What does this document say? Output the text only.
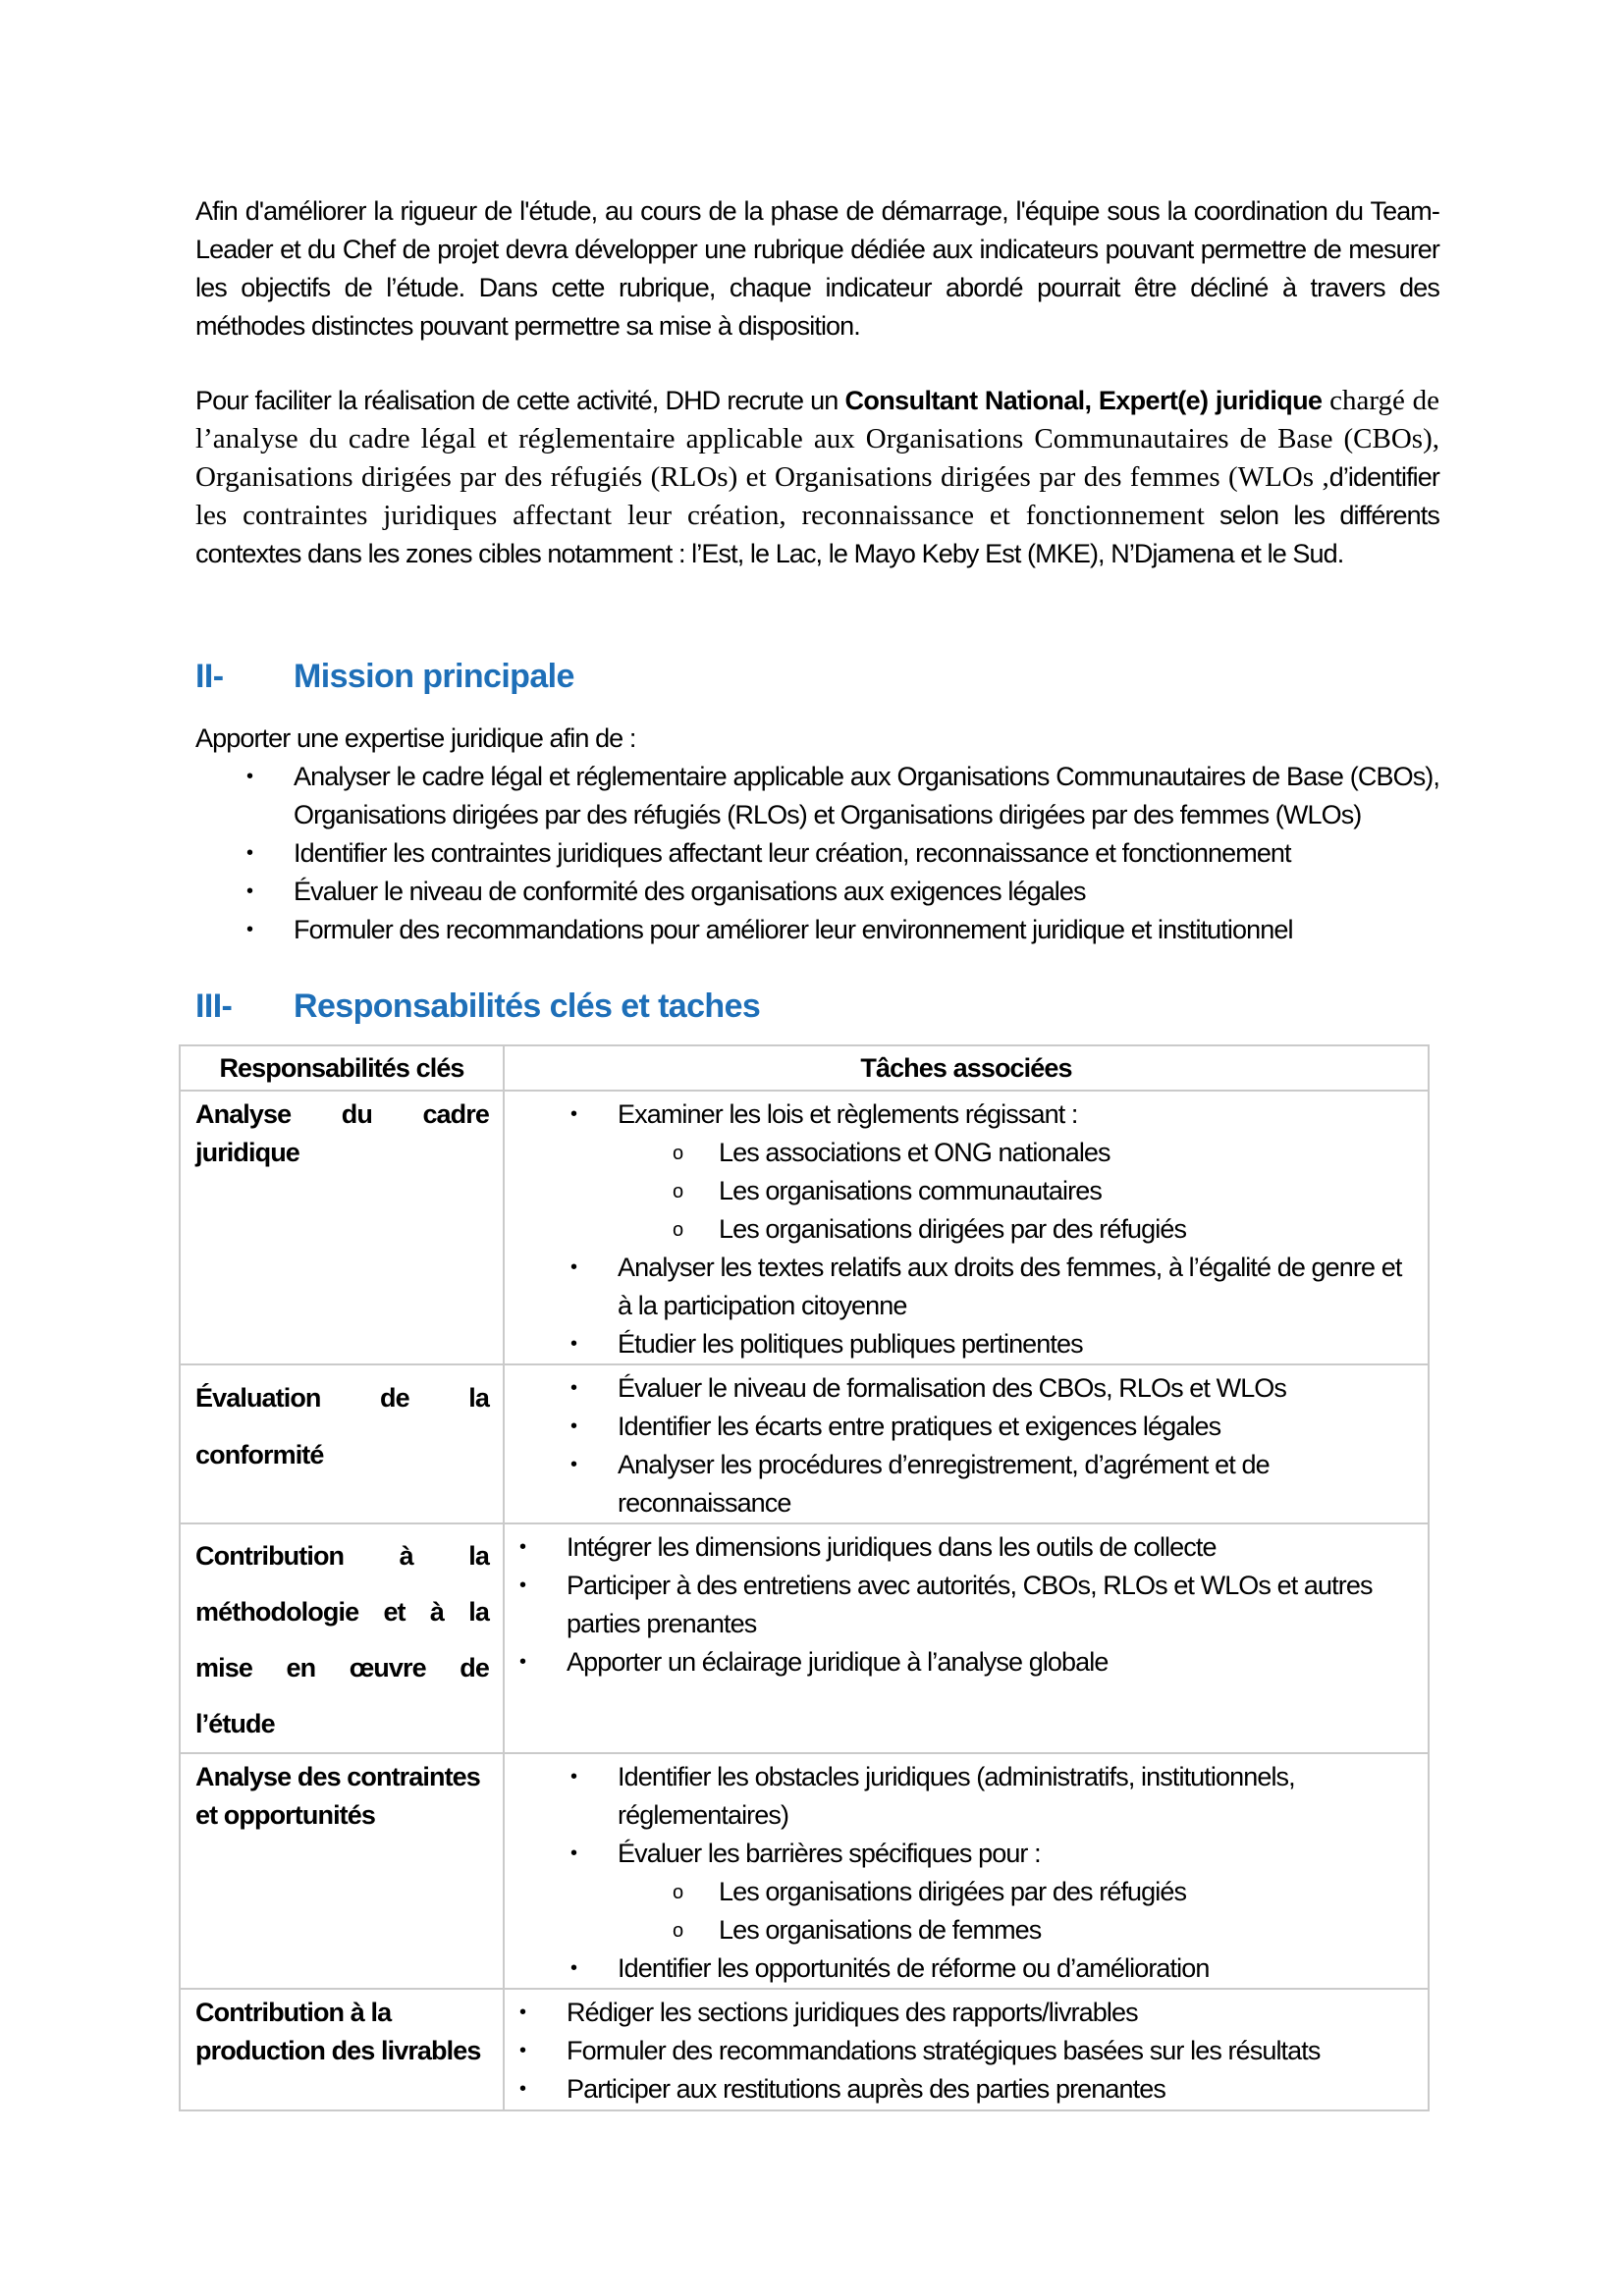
Afin d'améliorer la rigueur de l'étude, au cours de la phase de démarrage, l'équipe sous la coordination du Team-Leader et du Chef de projet devra développer une rubrique dédiée aux indicateurs pouvant permettre de mesurer les objectifs de l’étude. Dans cette rubrique, chaque indicateur abordé pourrait être décliné à travers des méthodes distinctes pouvant permettre sa mise à disposition.

Pour faciliter la réalisation de cette activité, DHD recrute un Consultant National, Expert(e) juridique chargé de l’analyse du cadre légal et réglementaire applicable aux Organisations Communautaires de Base (CBOs), Organisations dirigées par des réfugiés (RLOs) et Organisations dirigées par des femmes (WLOs ,d’identifier les contraintes juridiques affectant leur création, reconnaissance et fonctionnement selon les différents contextes dans les zones cibles notamment : l’Est, le Lac, le Mayo Keby Est (MKE), N’Djamena et le Sud.

II- Mission principale
Apporter une expertise juridique afin de :
• Analyser le cadre légal et réglementaire applicable aux Organisations Communautaires de Base (CBOs), Organisations dirigées par des réfugiés (RLOs) et Organisations dirigées par des femmes (WLOs)
• Identifier les contraintes juridiques affectant leur création, reconnaissance et fonctionnement
• Évaluer le niveau de conformité des organisations aux exigences légales
• Formuler des recommandations pour améliorer leur environnement juridique et institutionnel
III- Responsabilités clés et taches
Responsabilités clés	Tâches associées

Analyse du cadre juridique

• Examiner les lois et règlements régissant :
o Les associations et ONG nationales
o Les organisations communautaires
o Les organisations dirigées par des réfugiés
• Analyser les textes relatifs aux droits des femmes, à l’égalité de genre et à la participation citoyenne
• Étudier les politiques publiques pertinentes

Évaluation de la conformité

• Évaluer le niveau de formalisation des CBOs, RLOs et WLOs
• Identifier les écarts entre pratiques et exigences légales
• Analyser les procédures d’enregistrement, d’agrément et de reconnaissance

Contribution à la méthodologie et à la mise en œuvre de l’étude

• Intégrer les dimensions juridiques dans les outils de collecte
• Participer à des entretiens avec autorités, CBOs, RLOs et WLOs et autres parties prenantes
• Apporter un éclairage juridique à l’analyse globale

Analyse des contraintes et opportunités

• Identifier les obstacles juridiques (administratifs, institutionnels, réglementaires)
• Évaluer les barrières spécifiques pour :
o Les organisations dirigées par des réfugiés
o Les organisations de femmes
• Identifier les opportunités de réforme ou d’amélioration

Contribution à la production des livrables

• Rédiger les sections juridiques des rapports/livrables
• Formuler des recommandations stratégiques basées sur les résultats
• Participer aux restitutions auprès des parties prenantes
